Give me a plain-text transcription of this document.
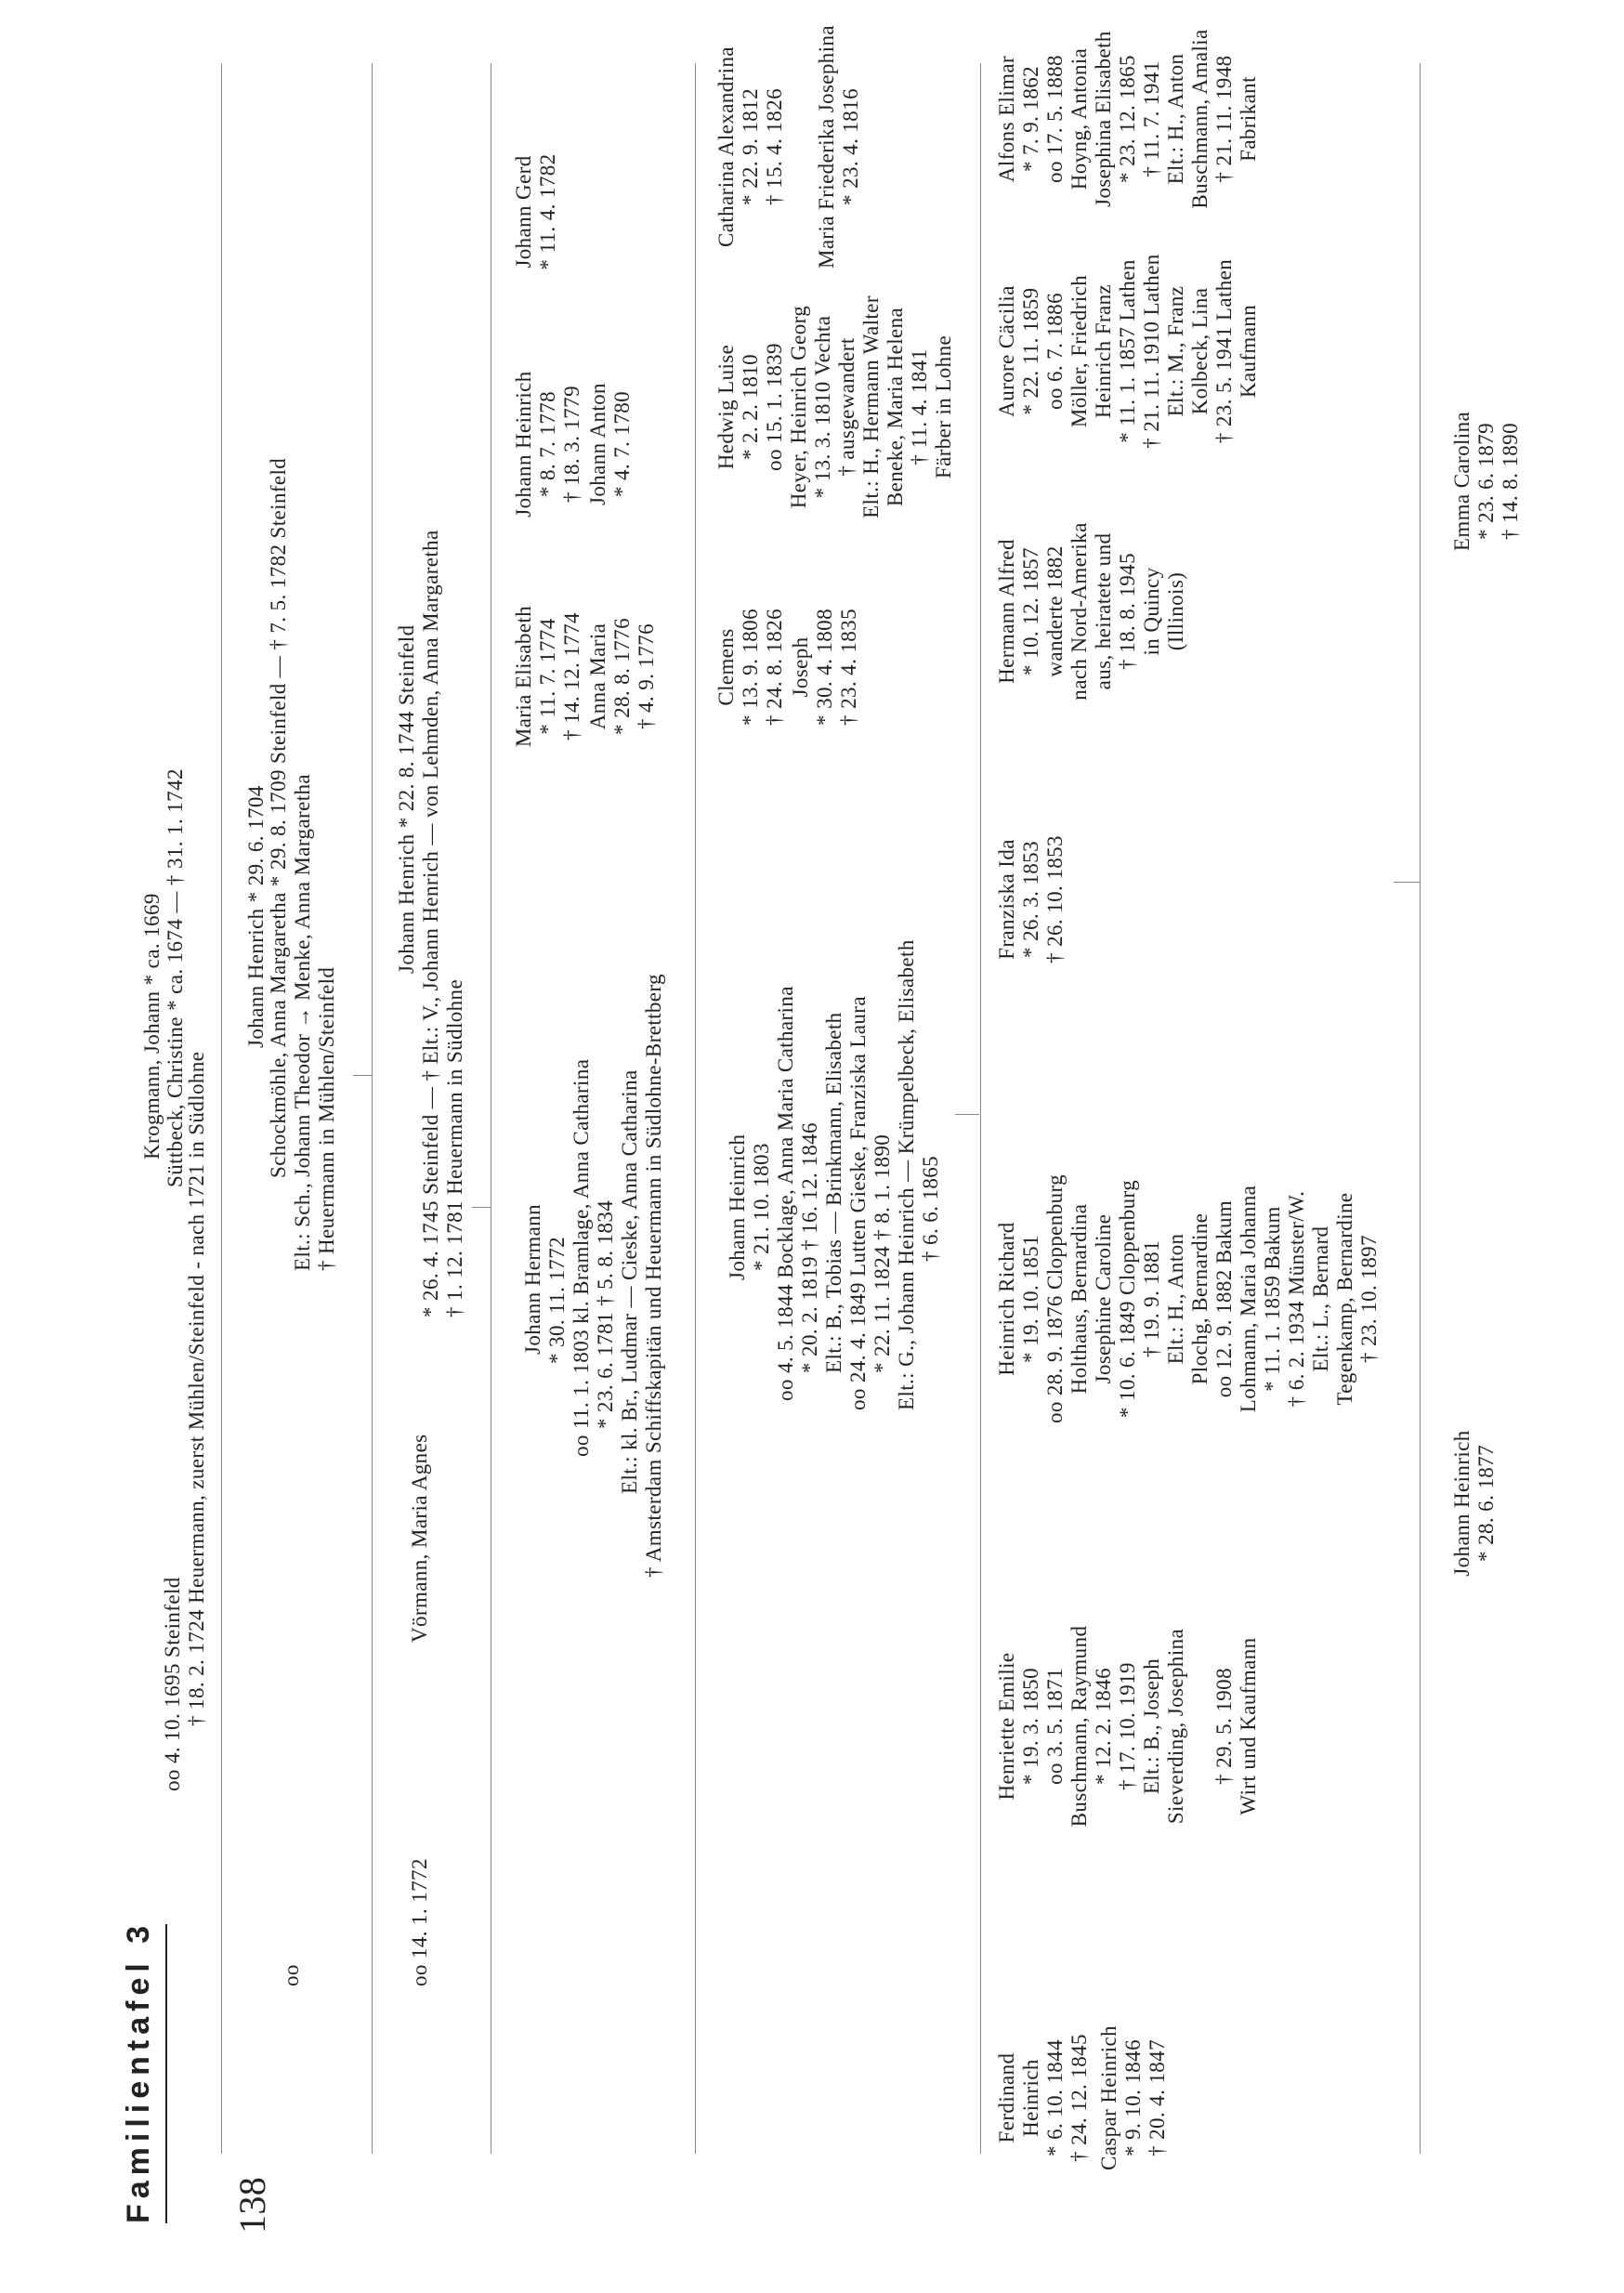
Familientafel 3 138
Krogmann, Johann * ca. 1669 Süttbeck, Christine * ca. 1674 — † 31. 1. 1742
oo 4. 10. 1695 Steinfeld † 18. 2. 1724 Heuermann, zuerst Mühlen/Steinfeld - nach 1721 in Südlohne
Johann Henrich * 29. 6. 1704
oo
Schockmöhle, Anna Margaretha * 29. 8. 1709 Steinfeld — † 7. 5. 1782 Steinfeld Elt.: Sch., Johann Theodor → Menke, Anna Margaretha † Heuermann in Mühlen/Steinfeld
Johann Henrich * 22. 8. 1744 Steinfeld
oo 14. 1. 1772
Vörmann, Maria Agnes
* 26. 4. 1745 Steinfeld — † Elt.: V., Johann Henrich — von Lehmden, Anna Margaretha † 1. 12. 1781 Heuermann in Südlohne
Maria Elisabeth * 11. 7. 1774 † 14. 12. 1774
Johann Heinrich * 8. 7. 1778 † 18. 3. 1779
Johann Gerd * 11. 4. 1782
Anna Maria * 28. 8. 1776 † 4. 9. 1776
Johann Anton * 4. 7. 1780
Johann Hermann * 30. 11. 1772 oo 11. 1. 1803 kl. Bramlage, Anna Catharina * 23. 6. 1781 † 5. 8. 1834 Elt.: kl. Br., Ludmar — Cieske, Anna Catharina † Amsterdam Schiffskapitän und Heuermann in Südlohne-Brettberg	Johann Heinrich * 21. 10. 1803 oo 4. 5. 1844 Bocklage, Anna Maria Catharina * 20. 2. 1819 † 16. 12. 1846 Elt.: B., Tobias — Brinkmann, Elisabeth oo 24. 4. 1849 Lutten Gieske, Franziska Laura * 22. 11. 1824 † 8. 1. 1890 Elt.: G., Johann Heinrich — Krümpelbeck, Elisabeth † 6. 6. 1865
Clemens * 13. 9. 1806 † 24. 8. 1826
Hedwig Luise * 2. 2. 1810 oo 15. 1. 1839 Heyer, Heinrich Georg * 13. 3. 1810 Vechta † ausgewandert Elt.: H., Hermann Walter Beneke, Maria Helena † 11. 4. 1841 Färber in Lohne
Catharina Alexandrina * 22. 9. 1812 † 15. 4. 1826
Joseph * 30. 4. 1808 † 23. 4. 1835
Maria Friederika Josephina * 23. 4. 1816
Ferdinand Heinrich * 6. 10. 1844 † 24. 12. 1845 Caspar Heinrich * 9. 10. 1846 † 20. 4. 1847
Henriette Emilie * 19. 3. 1850 oo 3. 5. 1871 Buschmann, Raymund * 12. 2. 1846 † 17. 10. 1919 Elt.: B., Joseph Sieverding, Josephina † 29. 5. 1908 Wirt und Kaufmann
Heinrich Richard * 19. 10. 1851 oo 28. 9. 1876 Cloppenburg Holthaus, Bernardina Josephine Caroline * 10. 6. 1849 Cloppenburg † 19. 9. 1881 Elt.: H., Anton Plochg, Bernardine oo 12. 9. 1882 Bakum Lohmann, Maria Johanna * 11. 1. 1859 Bakum † 6. 2. 1934 Münster/W. Elt.: L., Bernard Tegenkamp, Bernardine † 23. 10. 1897
Franziska Ida * 26. 3. 1853 † 26. 10. 1853
Hermann Alfred * 10. 12. 1857 wanderte 1882 nach Nord-Amerika aus, heiratete und † 18. 8. 1945 in Quincy (Illinois)
Aurore Cäcilia * 22. 11. 1859 oo 6. 7. 1886 Möller, Friedrich Heinrich Franz * 11. 1. 1857 Lathen † 21. 11. 1910 Lathen Elt.: M., Franz Kolbeck, Lina † 23. 5. 1941 Lathen Kaufmann
Alfons Elimar * 7. 9. 1862 oo 17. 5. 1888 Hoyng, Antonia Josephina Elisabeth * 23. 12. 1865 † 11. 7. 1941 Elt.: H., Anton Buschmann, Amalia † 21. 11. 1948 Fabrikant
Johann Heinrich * 28. 6. 1877
Emma Carolina * 23. 6. 1879 † 14. 8. 1890
